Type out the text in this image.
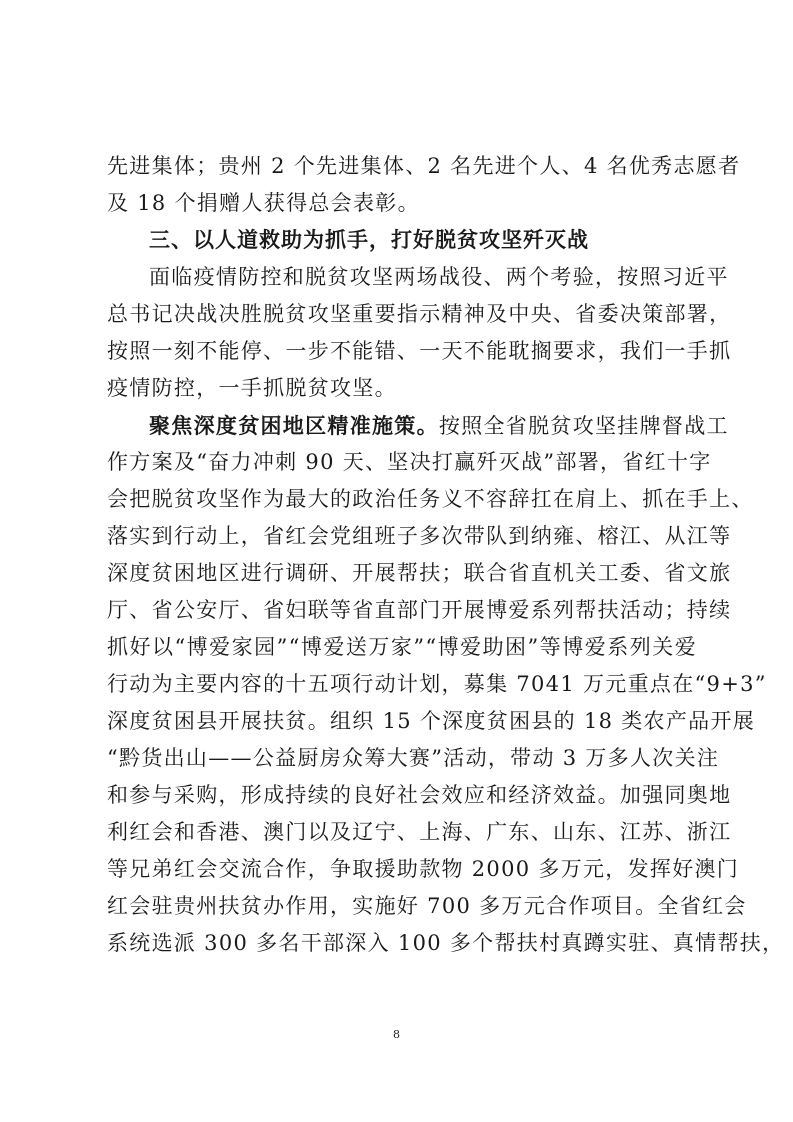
先进集体；贵州 2 个先进集体、2 名先进个人、4 名优秀志愿者
及 18 个捐赠人获得总会表彰。
三、以人道救助为抓手，打好脱贫攻坚歼灭战
面临疫情防控和脱贫攻坚两场战役、两个考验，按照习近平
总书记决战决胜脱贫攻坚重要指示精神及中央、省委决策部署，
按照一刻不能停、一步不能错、一天不能耽搁要求，我们一手抓
疫情防控，一手抓脱贫攻坚。
聚焦深度贫困地区精准施策。按照全省脱贫攻坚挂牌督战工
作方案及“奋力冲刺 90 天、坚决打赢歼灭战”部署，省红十字
会把脱贫攻坚作为最大的政治任务义不容辞扛在肩上、抓在手上、
落实到行动上，省红会党组班子多次带队到纳雍、榕江、从江等
深度贫困地区进行调研、开展帮扶；联合省直机关工委、省文旅
厅、省公安厅、省妇联等省直部门开展博爱系列帮扶活动；持续
抓好以“博爱家园”“博爱送万家”“博爱助困”等博爱系列关爱
行动为主要内容的十五项行动计划，募集 7041 万元重点在“9+3”
深度贫困县开展扶贫。组织 15 个深度贫困县的 18 类农产品开展
“黔货出山——公益厨房众筹大赛”活动，带动 3 万多人次关注
和参与采购，形成持续的良好社会效应和经济效益。加强同奥地
利红会和香港、澳门以及辽宁、上海、广东、山东、江苏、浙江
等兄弟红会交流合作，争取援助款物 2000 多万元，发挥好澳门
红会驻贵州扶贫办作用，实施好 700 多万元合作项目。全省红会
系统选派 300 多名干部深入 100 多个帮扶村真蹲实驻、真情帮扶，
8
